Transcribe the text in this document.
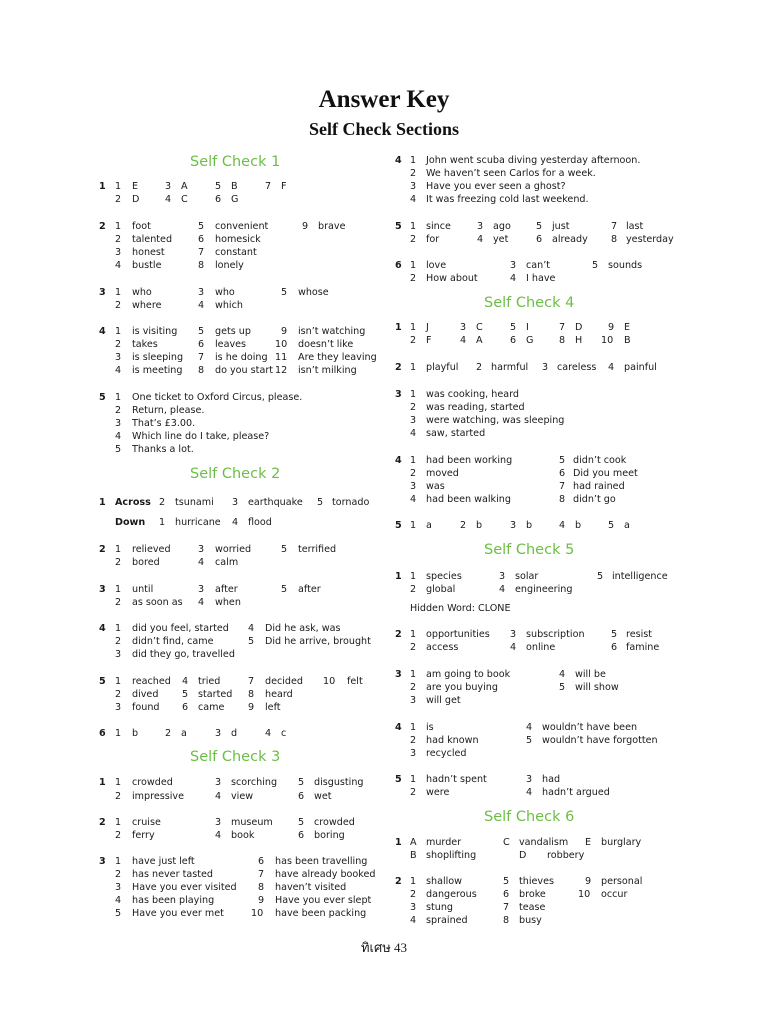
Answer Key
Self Check Sections
Self Check 1
1 1 E	3 A	5 B	7 F
2 D	4 C	6 G
2 1 foot	5 convenient	9 brave
2 talented	6 homesick
3 honest	7 constant
4 bustle	8 lonely
3 1 who	3 who	5 whose
2 where	4 which
4 1 is visiting 5 gets up	9 isn’t watching
2 takes	6 leaves	10 doesn’t like
3 is sleeping 7 is he doing 11 Are they leaving
4 is meeting 8 do you start 12 isn’t milking
5 1 One ticket to Oxford Circus, please.
2 Return, please.
3 That’s £3.00.
4 Which line do I take, please?
5 Thanks a lot.
Self Check 2
1 Across 2 tsunami 3 earthquake 5 tornado
Down 1 hurricane 4 flood
2 1 relieved	3 worried	5 terrified
2 bored	4 calm
3 1 until	3 after	5 after
2 as soon as 4 when
4 1 did you feel, started 4 Did he ask, was
2 didn’t find, came	5 Did he arrive, brought
3 did they go, travelled
5 1 reached 4 tried	7 decided 10 felt
2 dived 5 started 8 heard
3 found 6 came 9 left
6 1 b	2 a	3 d	4 c
Self Check 3
1 1 crowded	3 scorching 5 disgusting
2 impressive	4 view	6 wet
2 1 cruise	3 museum	5 crowded
2 ferry	4 book	6 boring
3 1 have just left	6 has been travelling
2 has never tasted	7 have already booked
3 Have you ever visited 8 haven’t visited
4 has been playing	9 Have you ever slept
5 Have you ever met	10 have been packing
4 1 John went scuba diving yesterday afternoon.
2 We haven’t seen Carlos for a week.
3 Have you ever seen a ghost?
4 It was freezing cold last weekend.
5 1 since	3 ago	5 just	7 last
2 for	4 yet	6 already 8 yesterday
6 1 love	3 can’t	5 sounds
2 How about	4 I have
Self Check 4
1 1 J	3 C	5 I	7 D	9 E
2 F	4 A	6 G	8 H 10 B
2 1 playful 2 harmful 3 careless 4 painful
3 1 was cooking, heard
2 was reading, started
3 were watching, was sleeping
4 saw, started
4 1 had been working	5 didn’t cook
2 moved	6 Did you meet
3 was	7 had rained
4 had been walking	8 didn’t go
5 1 a	2 b	3 b	4 b	5 a
Self Check 5
1 1 species	3 solar	5 intelligence
2 global	4 engineering
Hidden Word: CLONE
2 1 opportunities 3 subscription	5 resist
2 access	4 online	6 famine
3 1 am going to book	4 will be
2 are you buying	5 will show
3 will get
4 1 is	4 wouldn’t have been
2 had known	5 wouldn’t have forgotten
3 recycled
5 1 hadn’t spent	3 had
2 were	4 hadn’t argued
Self Check 6
1 A murder	C vandalism E burglary
B shoplifting	D robbery
2 1 shallow	5 thieves	9 personal
2 dangerous	6 broke	10 occur
3 stung	7 tease
4 sprained	8 busy
ทิเศษ 43
